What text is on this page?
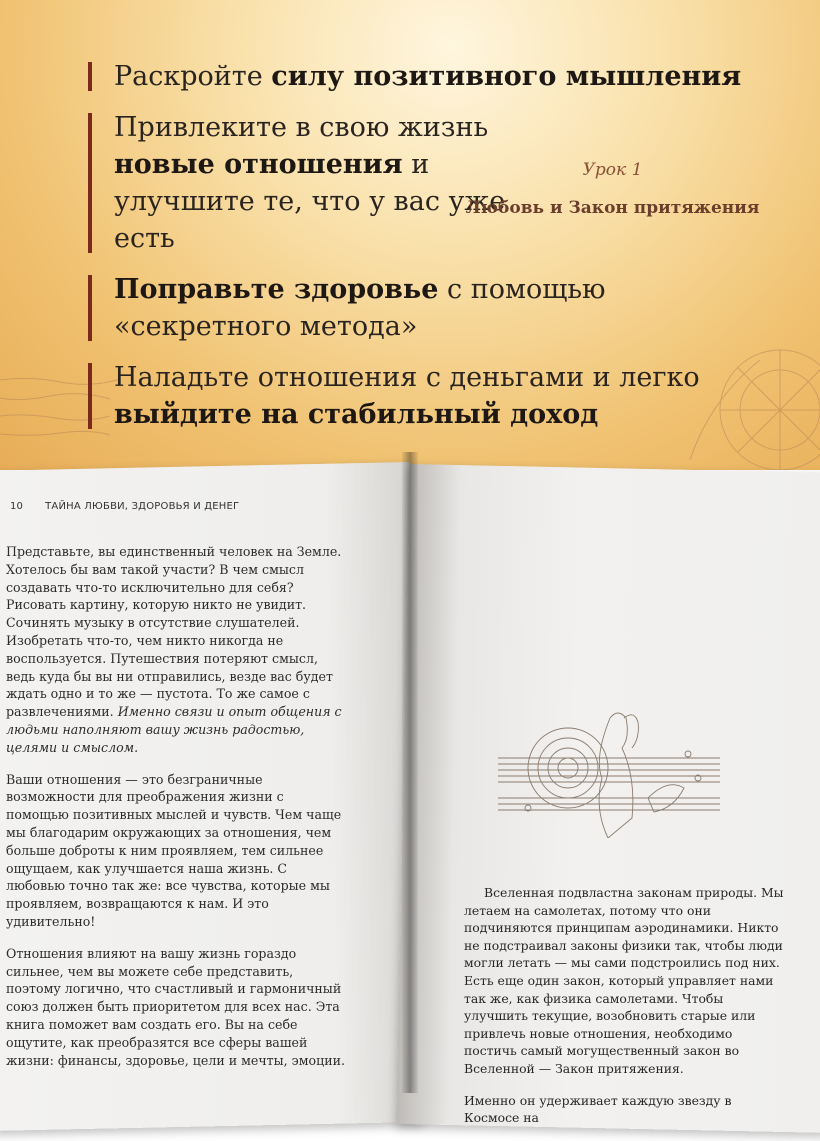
Раскройте силу позитивного мышления
Привлеките в свою жизнь новые отношения и улучшите те, что у вас уже есть
Поправьте здоровье с помощью «секретного метода»
Наладьте отношения с деньгами и легко выйдите на стабильный доход
10 ТАЙНА ЛЮБВИ, ЗДОРОВЬЯ И ДЕНЕГ

Представьте, вы единственный человек на Земле. Хотелось бы вам такой участи? В чем смысл создавать что-то исключительно для себя? Рисовать картину, которую никто не увидит. Сочинять музыку в отсутствие слушателей. Изобретать что-то, чем никто никогда не воспользуется. Путешествия потеряют смысл, ведь куда бы вы ни отправились, везде вас будет ждать одно и то же — пустота. То же самое с развлечениями. Именно связи и опыт общения с людьми наполняют вашу жизнь радостью, целями и смыслом.

Ваши отношения — это безграничные возможности для преображения жизни с помощью позитивных мыслей и чувств. Чем чаще мы благодарим окружающих за отношения, чем больше доброты к ним проявляем, тем сильнее ощущаем, как улучшается наша жизнь. С любовью точно так же: все чувства, которые мы проявляем, возвращаются к нам. И это удивительно!

Отношения влияют на вашу жизнь гораздо сильнее, чем вы можете себе представить, поэтому логично, что счастливый и гармоничный союз должен быть приоритетом для всех нас. Эта книга поможет вам создать его. Вы на себе ощутите, как преобразятся все сферы вашей жизни: финансы, здоровье, цели и мечты, эмоции.

Урок 1
Любовь и Закон притяжения

Вселенная подвластна законам природы. Мы летаем на самолетах, потому что они подчиняются принципам аэродинамики. Никто не подстраивал законы физики так, чтобы люди могли летать — мы сами подстроились под них. Есть еще один закон, который управляет нами так же, как физика самолетами. Чтобы улучшить текущие, возобновить старые или привлечь новые отношения, необходимо постичь самый могущественный закон во Вселенной — Закон притяжения.

Именно он удерживает каждую звезду в Космосе на
